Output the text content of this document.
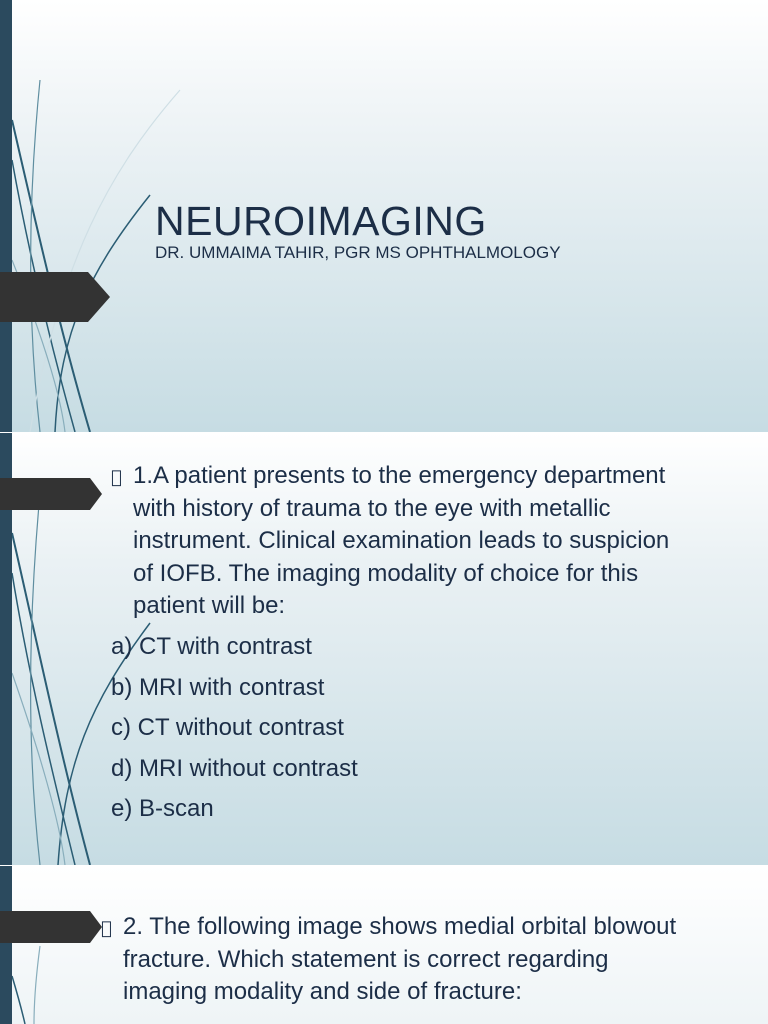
NEUROIMAGING
DR. UMMAIMA TAHIR, PGR MS OPHTHALMOLOGY
1.A patient presents to the emergency department
with history of trauma to the eye with metallic
instrument. Clinical examination leads to suspicion
of IOFB. The imaging modality of choice for this
patient will be:
a) CT with contrast
b) MRI with contrast
c) CT without contrast
d) MRI without contrast
e) B-scan
2. The following image shows medial orbital blowout
fracture. Which statement is correct regarding
imaging modality and side of fracture:
